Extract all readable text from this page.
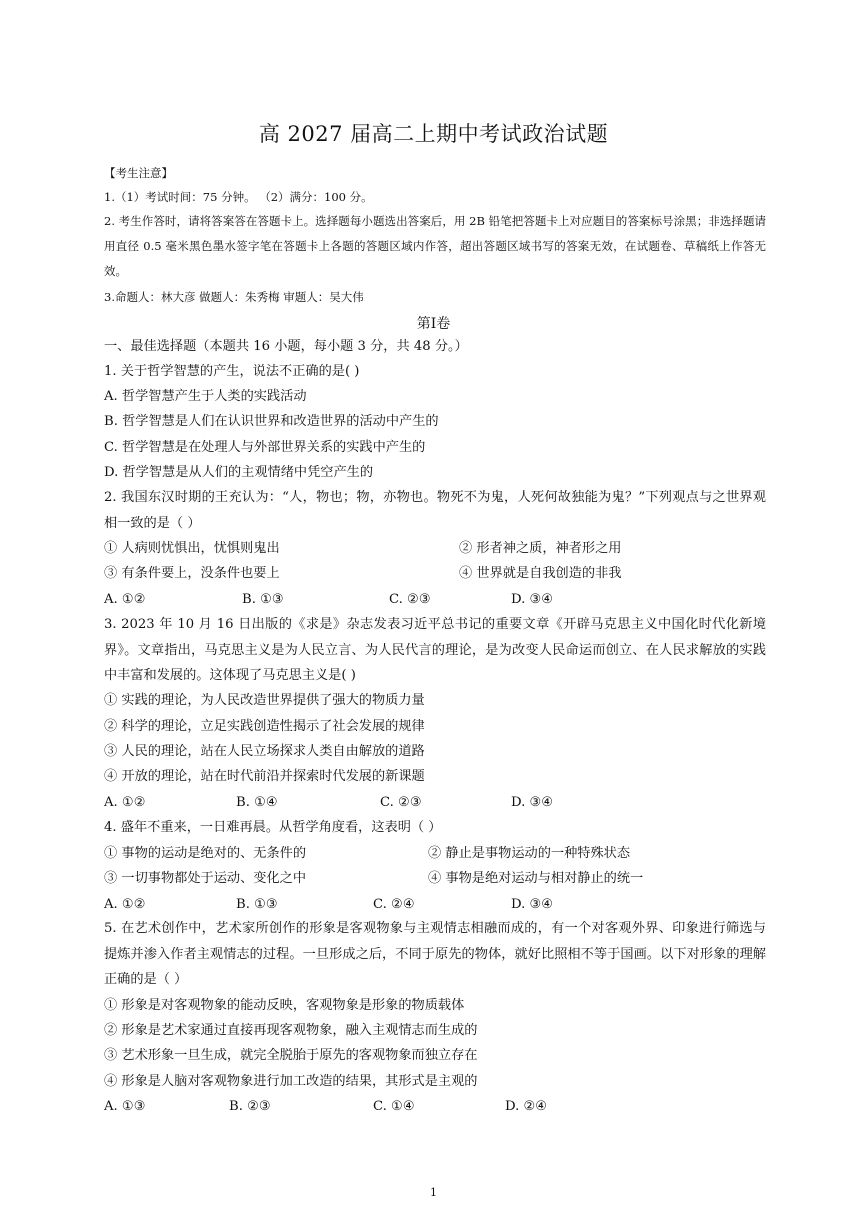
高 2027 届高二上期中考试政治试题
【考生注意】
1.（1）考试时间：75 分钟。 （2）满分：100 分。
2. 考生作答时，请将答案答在答题卡上。选择题每小题选出答案后，用 2B 铅笔把答题卡上对应题目的答案标号涂黑；非选择题请用直径 0.5 毫米黑色墨水签字笔在答题卡上各题的答题区域内作答，超出答题区域书写的答案无效，在试题卷、草稿纸上作答无效。
3.命题人：林大彦 做题人：朱秀梅 审题人：吴大伟
第Ⅰ卷
一、最佳选择题（本题共 16 小题，每小题 3 分，共 48 分。）
1. 关于哲学智慧的产生，说法不正确的是( )
A. 哲学智慧产生于人类的实践活动
B. 哲学智慧是人们在认识世界和改造世界的活动中产生的
C. 哲学智慧是在处理人与外部世界关系的实践中产生的
D. 哲学智慧是从人们的主观情绪中凭空产生的
2. 我国东汉时期的王充认为：“人，物也；物，亦物也。物死不为鬼，人死何故独能为鬼？”下列观点与之世界观相一致的是（ ）
① 人病则忧惧出，忧惧则鬼出	② 形者神之质，神者形之用
③ 有条件要上，没条件也要上	④ 世界就是自我创造的非我
A. ①②	B. ①③	C. ②③	D. ③④
3. 2023 年 10 月 16 日出版的《求是》杂志发表习近平总书记的重要文章《开辟马克思主义中国化时代化新境界》。文章指出，马克思主义是为人民立言、为人民代言的理论，是为改变人民命运而创立、在人民求解放的实践中丰富和发展的。这体现了马克思主义是( )
① 实践的理论，为人民改造世界提供了强大的物质力量
② 科学的理论，立足实践创造性揭示了社会发展的规律
③ 人民的理论，站在人民立场探求人类自由解放的道路
④ 开放的理论，站在时代前沿并探索时代发展的新课题
A. ①②	B. ①④	C. ②③	D. ③④
4. 盛年不重来，一日难再晨。从哲学角度看，这表明（ ）
① 事物的运动是绝对的、无条件的	② 静止是事物运动的一种特殊状态
③ 一切事物都处于运动、变化之中	④ 事物是绝对运动与相对静止的统一
A. ①②	B. ①③	C. ②④	D. ③④
5. 在艺术创作中，艺术家所创作的形象是客观物象与主观情志相融而成的，有一个对客观外界、印象进行筛选与提炼并渗入作者主观情志的过程。一旦形成之后，不同于原先的物体，就好比照相不等于国画。以下对形象的理解正确的是（ ）
① 形象是对客观物象的能动反映，客观物象是形象的物质载体
② 形象是艺术家通过直接再现客观物象，融入主观情志而生成的
③ 艺术形象一旦生成，就完全脱胎于原先的客观物象而独立存在
④ 形象是人脑对客观物象进行加工改造的结果，其形式是主观的
A. ①③	B. ②③	C. ①④	D. ②④
1
